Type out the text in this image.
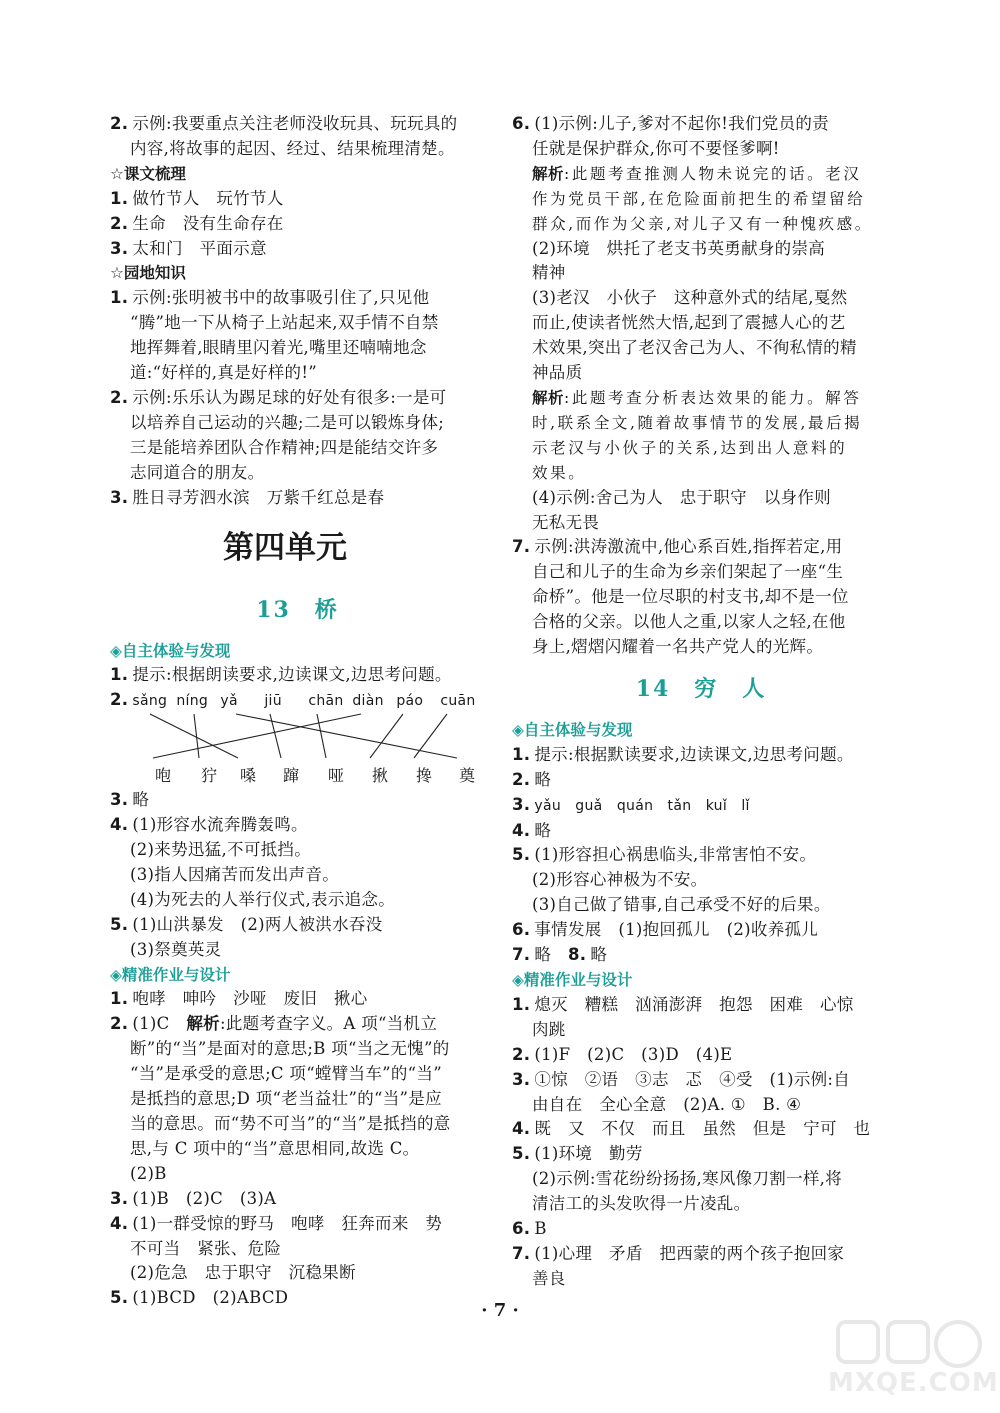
2. 示例:我要重点关注老师没收玩具、玩玩具的
内容,将故事的起因、经过、结果梳理清楚。
☆课文梳理
1. 做竹节人　玩竹节人
2. 生命　没有生命存在
3. 太和门　平面示意
☆园地知识
1. 示例:张明被书中的故事吸引住了,只见他
“腾”地一下从椅子上站起来,双手情不自禁
地挥舞着,眼睛里闪着光,嘴里还喃喃地念
道:“好样的,真是好样的!”
2. 示例:乐乐认为踢足球的好处有很多:一是可
以培养自己运动的兴趣;二是可以锻炼身体;
三是能培养团队合作精神;四是能结交许多
志同道合的朋友。
3. 胜日寻芳泗水滨　万紫千红总是春
第四单元
13　桥
◈自主体验与发现
1. 提示:根据朗读要求,边读课文,边思考问题。
2. sǎng níng yǎ jiū chān diàn páo cuān
咆 狞 嗓 蹿 哑 揪 搀 奠
3. 略
4. (1)形容水流奔腾轰鸣。
(2)来势迅猛,不可抵挡。
(3)指人因痛苦而发出声音。
(4)为死去的人举行仪式,表示追念。
5. (1)山洪暴发　(2)两人被洪水吞没
(3)祭奠英灵
◈精准作业与设计
1. 咆哮　呻吟　沙哑　废旧　揪心
2. (1)C　解析:此题考查字义。A 项“当机立
断”的“当”是面对的意思;B 项“当之无愧”的
“当”是承受的意思;C 项“螳臂当车”的“当”
是抵挡的意思;D 项“老当益壮”的“当”是应
当的意思。而“势不可当”的“当”是抵挡的意
思,与 C 项中的“当”意思相同,故选 C。
(2)B
3. (1)B　(2)C　(3)A
4. (1)一群受惊的野马　咆哮　狂奔而来　势
不可当　紧张、危险
(2)危急　忠于职守　沉稳果断
5. (1)BCD　(2)ABCD
6. (1)示例:儿子,爹对不起你!我们党员的责
任就是保护群众,你可不要怪爹啊!
解析:此题考查推测人物未说完的话。老汉
作为党员干部,在危险面前把生的希望留给
群众,而作为父亲,对儿子又有一种愧疚感。
(2)环境　烘托了老支书英勇献身的崇高
精神
(3)老汉　小伙子　这种意外式的结尾,戛然
而止,使读者恍然大悟,起到了震撼人心的艺
术效果,突出了老汉舍己为人、不徇私情的精
神品质
解析:此题考查分析表达效果的能力。解答
时,联系全文,随着故事情节的发展,最后揭
示老汉与小伙子的关系,达到出人意料的
效果。
(4)示例:舍己为人　忠于职守　以身作则
无私无畏
7. 示例:洪涛激流中,他心系百姓,指挥若定,用
自己和儿子的生命为乡亲们架起了一座“生
命桥”。他是一位尽职的村支书,却不是一位
合格的父亲。以他人之重,以家人之轻,在他
身上,熠熠闪耀着一名共产党人的光辉。
14　穷　人
◈自主体验与发现
1. 提示:根据默读要求,边读课文,边思考问题。
2. 略
3. yǎu　guǎ　quán　tǎn　kuǐ　lǐ
4. 略
5. (1)形容担心祸患临头,非常害怕不安。
(2)形容心神极为不安。
(3)自己做了错事,自己承受不好的后果。
6. 事情发展　(1)抱回孤儿　(2)收养孤儿
7. 略　8. 略
◈精准作业与设计
1. 熄灭　糟糕　汹涌澎湃　抱怨　困难　心惊
肉跳
2. (1)F　(2)C　(3)D　(4)E
3. ①惊　②语　③志　忑　④受　(1)示例:自
由自在　全心全意　(2)A. ①　B. ④
4. 既　又　不仅　而且　虽然　但是　宁可　也
5. (1)环境　勤劳
(2)示例:雪花纷纷扬扬,寒风像刀割一样,将
清洁工的头发吹得一片凌乱。
6. B
7. (1)心理　矛盾　把西蒙的两个孩子抱回家
善良
· 7 ·
MXQE.COM
